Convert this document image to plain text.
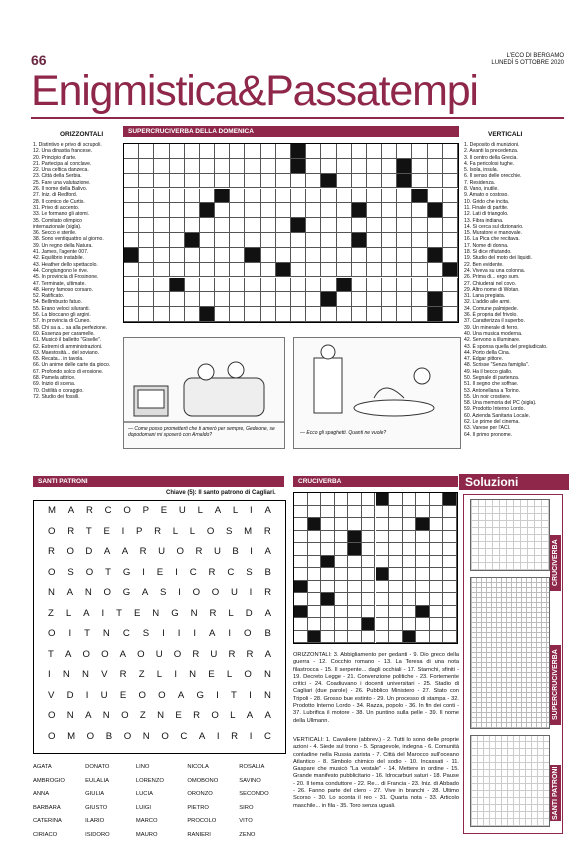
66	L'ECO DI BERGAMO
LUNEDÌ 5 OTTOBRE 2020
Enigmistica&Passatempi
ORIZZONTALI
1. Distintivo e privo di scrupoli.
12. Una dinastia francese.
20. Principio d'arte.
21. Partecipa al conclave.
22. Una celtica danzeca.
23. Città della Serbia.
25. Fare una valutazione.
26. Il nome della Balivo.
27. Iniz. di Redford.
28. Il comico de Curtis.
31. Privo di accento.
33. Le formano gli atomi.
35. Comitato olimpico internazionale (sigla).
36. Secco e sterile.
38. Sono ventiquattro al giorno.
39. Un regno della Natura.
41. James, l'agente 007.
42. Equilibrio instabile.
43. Heather dello spettacolo.
44. Congiungono le rive.
45. In provincia di Frosinone.
47. Terminate, ultimate.
48. Henry famoso corsaro.
52. Ratificato.
54. Bellimbusto fatuo.
55. Erano veloci siluranti.
56. La bloccano gli argini.
57. In provincia di Cuneo.
58. Chi sa a... sa alla perfezione.
60. Essenza per caramelle.
61. Musicò il balletto "Giselle".
62. Estremi di amministrazioni.
63. Maestosità... del soviano.
65. Recata... in tavola.
66. Un anime delle carte da gioco.
67. Profondo solco di erosione.
68. Pamela attrice.
69. Inizio di scena.
70. Ostilità o coraggio.
72. Studio dei fossili.
VERTICALI
1. Deposito di munizioni.
2. Avanti la precedenza.
3. Il centro della Grecia.
4. Fa pericolosi tughe.
5. Isola, insula.
6. Il senso delle orecchie.
7. Residenza.
8. Vano, inutile.
9. Amato o costoso.
10. Grido che incita.
11. Finale di partite.
12. Lati di triangolo.
13. Fibra indiana.
14. Si cerca sul dizionario.
15. Muratore e manovale.
16. La Pica che recitava.
17. Nome di donna.
18. Si dice rifiutando.
19. Studio del moto dei liquidi.
22. Ben evidente.
24. Viveva su una colonna.
26. Prima di... ergo sum.
27. Chiuderai nel covo.
29. Altro nome di Wotan.
31. Lana pregiata.
32. L'addio alle armi.
34. Comune palmipede.
36. È propria del frivolo.
37. Caratterizza il superbo.
39. Un minerale di ferro.
40. Una musica moderna.
42. Servono a illuminare.
43. È sponsa quella del pregiudicato.
44. Porto della Cina.
47. Edgar pittore.
48. Scrisse "Senza famiglia".
49. Ha il becco giallo.
50. Segnale di partenza.
51. Il segno che soffrae.
53. Antonellana a Torino.
55. Un noir crostiere.
58. Una memoria del PC (sigla).
59. Prodotto Interno Lordo.
60. Azienda Sanitaria Locale.
62. Le prime del cinema.
63. Varese per l'ACI.
64. Il primo pronome.
SUPERCRUCIVERBA DELLA DOMENICA
— Come posso prometterti che ti amerò per sempre, Gedeone, se dopodomani mi sposerò con Arnaldo?	— Ecco gli spaghetti. Quanti ne vuole?
SANTI PATRONI
Chiave (5): Il santo patrono di Cagliari.
M A R C O P E U L A L I A
O R T E I P R L L O S M R
R O D A A R U O R U B I A
O S O T G I E I C R C S B
N A N O G A S I O O U I R
Z L A I T E N G N R L D A
O I T N C S I I I A I O B
T A O O A O U O R U R R A
I N N V R Z L I N E L O N
V D I U E O O A G I T I N
O N A N O Z N E R O L A A
O M O B O N O C A I R I C
AGATA	DONATO	LINO	NICOLA	ROSALIA
AMBROGIO	EULALIA	LORENZO	OMOBONO	SAVINO
ANNA	GIULIA	LUCIA	ORONZO	SECONDO
BARBARA	GIUSTO	LUIGI	PIETRO	SIRO
CATERINA	ILARIO	MARCO	PROCOLO	VITO
CIRIACO	ISIDORO	MAURO	RANIERI	ZENO
CRUCIVERBA
ORIZZONTALI: 3. Abbigliamento per gedanti - 9. Dio greco della guerra - 12. Cocchio romano - 13. La Teresa di una nota filastrocca - 15. Il serpente... dagli occhiali - 17. Starnchi, sfiniti - 19. Decreto Legge - 21. Convenzione politiche - 23. Fortemente critici - 24. Coadiuvano i docenti universitari - 25. Stadio di Cagliari (due parole) - 26. Pubblico Ministero - 27. Stato con Tripoli - 28. Grosso bue estinto - 29. Un processo di stampa - 32. Prodotto Interno Lordo - 34. Razza, popolo - 36. In fin dei conti - 37. Lubrifica il motore - 38. Un puntino sulla pelle - 39. Il nome della Ullmann.
VERTICALI: 1. Cavaliere (abbrev.) - 2. Tutti lo sono delle proprie azioni - 4. Siede sul trono - 5. Spragevole, indegna - 6. Comunità contadine nella Russia zarista - 7. Città del Marocco sull'oceano Atlantico - 8. Simbolo chimico del sodio - 10. Incassati - 11. Gaspare che musicò "La vestale" - 14. Mettere in ordine - 15. Grande manifesto pubblicitario - 16. Idrocarburi saturi - 18. Pause - 20. Il tema conduttore - 22. Re... di Francia - 23. Iniz. di Abbado - 26. Fanno parte del clero - 27. Vive in branchi - 28. Ultimo Scorso - 30. Lo sconta il reo - 31. Quarta nota - 33. Articolo maschile... in fila - 35. Toro senza uguali.
Soluzioni
CRUCIVERBA
SUPERCRUCIVERBA
SANTI PATRONI
